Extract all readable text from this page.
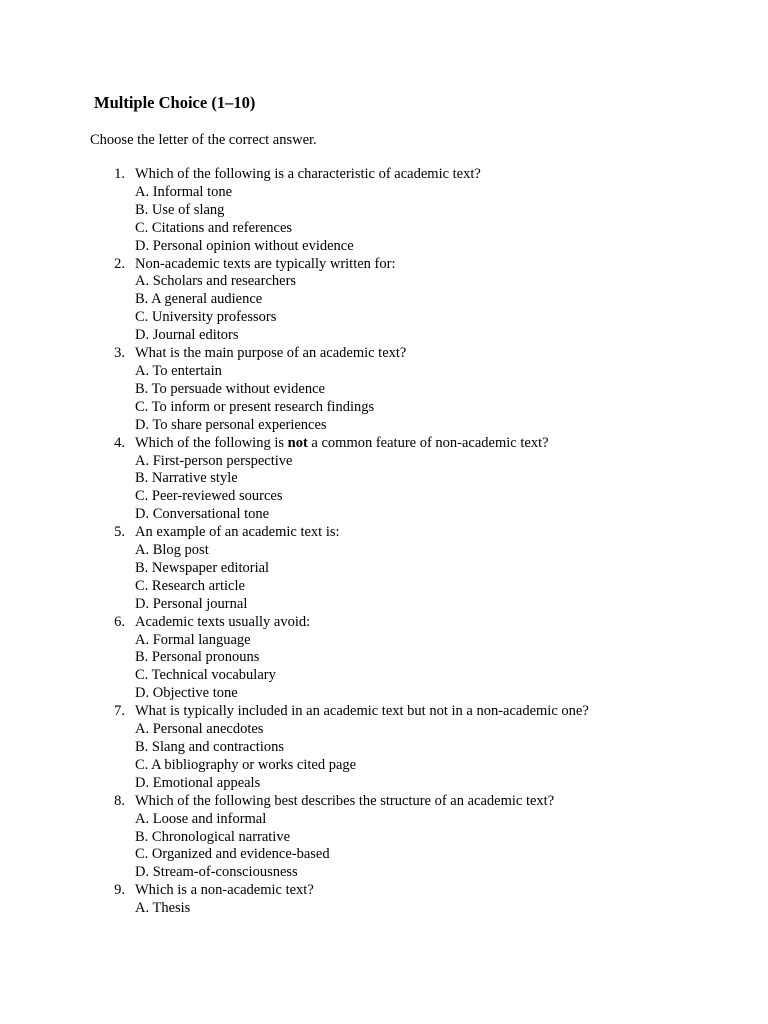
Multiple Choice (1–10)

Choose the letter of the correct answer.

1. Which of the following is a characteristic of academic text?
A. Informal tone
B. Use of slang
C. Citations and references
D. Personal opinion without evidence
2. Non-academic texts are typically written for:
A. Scholars and researchers
B. A general audience
C. University professors
D. Journal editors
3. What is the main purpose of an academic text?
A. To entertain
B. To persuade without evidence
C. To inform or present research findings
D. To share personal experiences
4. Which of the following is not a common feature of non-academic text?
A. First-person perspective
B. Narrative style
C. Peer-reviewed sources
D. Conversational tone
5. An example of an academic text is:
A. Blog post
B. Newspaper editorial
C. Research article
D. Personal journal
6. Academic texts usually avoid:
A. Formal language
B. Personal pronouns
C. Technical vocabulary
D. Objective tone
7. What is typically included in an academic text but not in a non-academic one?
A. Personal anecdotes
B. Slang and contractions
C. A bibliography or works cited page
D. Emotional appeals
8. Which of the following best describes the structure of an academic text?
A. Loose and informal
B. Chronological narrative
C. Organized and evidence-based
D. Stream-of-consciousness
9. Which is a non-academic text?
A. Thesis
